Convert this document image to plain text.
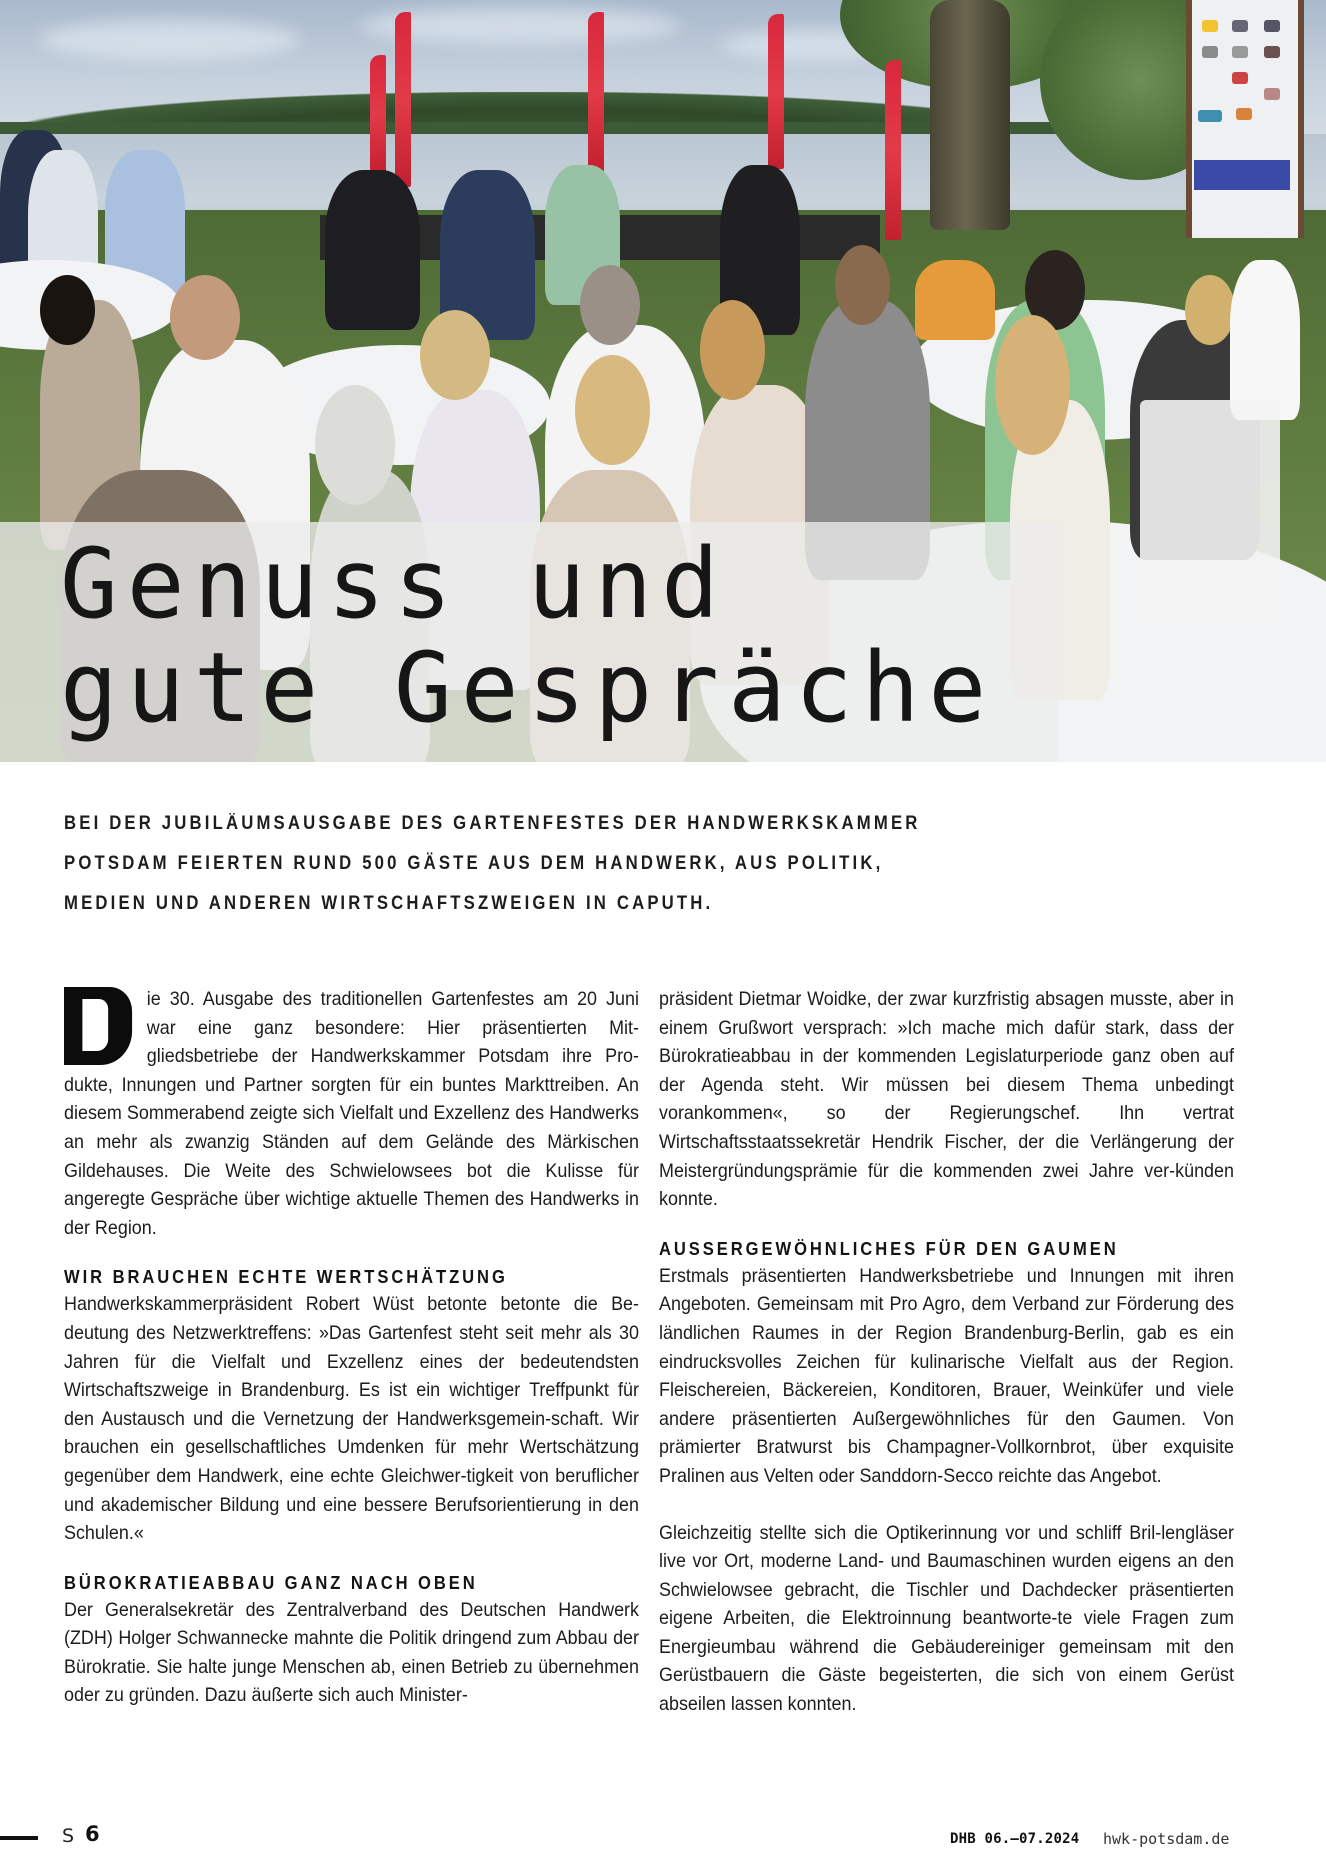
Genuss und
gute Gespräche

BEI DER JUBILÄUMSAUSGABE DES GARTENFESTES DER HANDWERKSKAMMER POTSDAM FEIERTEN RUND 500 GÄSTE AUS DEM HANDWERK, AUS POLITIK, MEDIEN UND ANDEREN WIRTSCHAFTSZWEIGEN IN CAPUTH.

ie 30. Ausgabe des traditionellen Gartenfestes am 20 Juni war eine ganz besondere: Hier präsentierten Mit-gliedsbetriebe der Handwerkskammer Potsdam ihre Pro-dukte, Innungen und Partner sorgten für ein buntes Markttreiben. An diesem Sommerabend zeigte sich Vielfalt und Exzellenz des Handwerks an mehr als zwanzig Ständen auf dem Gelände des Märkischen Gildehauses. Die Weite des Schwielowsees bot die Kulisse für angeregte Gespräche über wichtige aktuelle Themen des Handwerks in der Region.

WIR BRAUCHEN ECHTE WERTSCHÄTZUNG

Handwerkskammerpräsident Robert Wüst betonte betonte die Be-deutung des Netzwerktreffens: »Das Gartenfest steht seit mehr als 30 Jahren für die Vielfalt und Exzellenz eines der bedeutendsten Wirtschaftszweige in Brandenburg. Es ist ein wichtiger Treffpunkt für den Austausch und die Vernetzung der Handwerksgemein-schaft. Wir brauchen ein gesellschaftliches Umdenken für mehr Wertschätzung gegenüber dem Handwerk, eine echte Gleichwer-tigkeit von beruflicher und akademischer Bildung und eine bessere Berufsorientierung in den Schulen.«

BÜROKRATIEABBAU GANZ NACH OBEN

Der Generalsekretär des Zentralverband des Deutschen Handwerk (ZDH) Holger Schwannecke mahnte die Politik dringend zum Abbau der Bürokratie. Sie halte junge Menschen ab, einen Betrieb zu übernehmen oder zu gründen. Dazu äußerte sich auch Minister-

präsident Dietmar Woidke, der zwar kurzfristig absagen musste, aber in einem Grußwort versprach: »Ich mache mich dafür stark, dass der Bürokratieabbau in der kommenden Legislaturperiode ganz oben auf der Agenda steht. Wir müssen bei diesem Thema unbedingt vorankommen«, so der Regierungschef. Ihn vertrat Wirtschaftsstaatssekretär Hendrik Fischer, der die Verlängerung der Meistergründungsprämie für die kommenden zwei Jahre ver-künden konnte.

AUSSERGEWÖHNLICHES FÜR DEN GAUMEN

Erstmals präsentierten Handwerksbetriebe und Innungen mit ihren Angeboten. Gemeinsam mit Pro Agro, dem Verband zur Förderung des ländlichen Raumes in der Region Brandenburg-Berlin, gab es ein eindrucksvolles Zeichen für kulinarische Vielfalt aus der Region. Fleischereien, Bäckereien, Konditoren, Brauer, Weinküfer und viele andere präsentierten Außergewöhnliches für den Gaumen. Von prämierter Bratwurst bis Champagner-Vollkornbrot, über exquisite Pralinen aus Velten oder Sanddorn-Secco reichte das Angebot.

Gleichzeitig stellte sich die Optikerinnung vor und schliff Bril-lengläser live vor Ort, moderne Land- und Baumaschinen wurden eigens an den Schwielowsee gebracht, die Tischler und Dachdecker präsentierten eigene Arbeiten, die Elektroinnung beantworte-te viele Fragen zum Energieumbau während die Gebäudereiniger gemeinsam mit den Gerüstbauern die Gäste begeisterten, die sich von einem Gerüst abseilen lassen konnten.

S 6	DHB 06.–07.2024 hwk-potsdam.de
